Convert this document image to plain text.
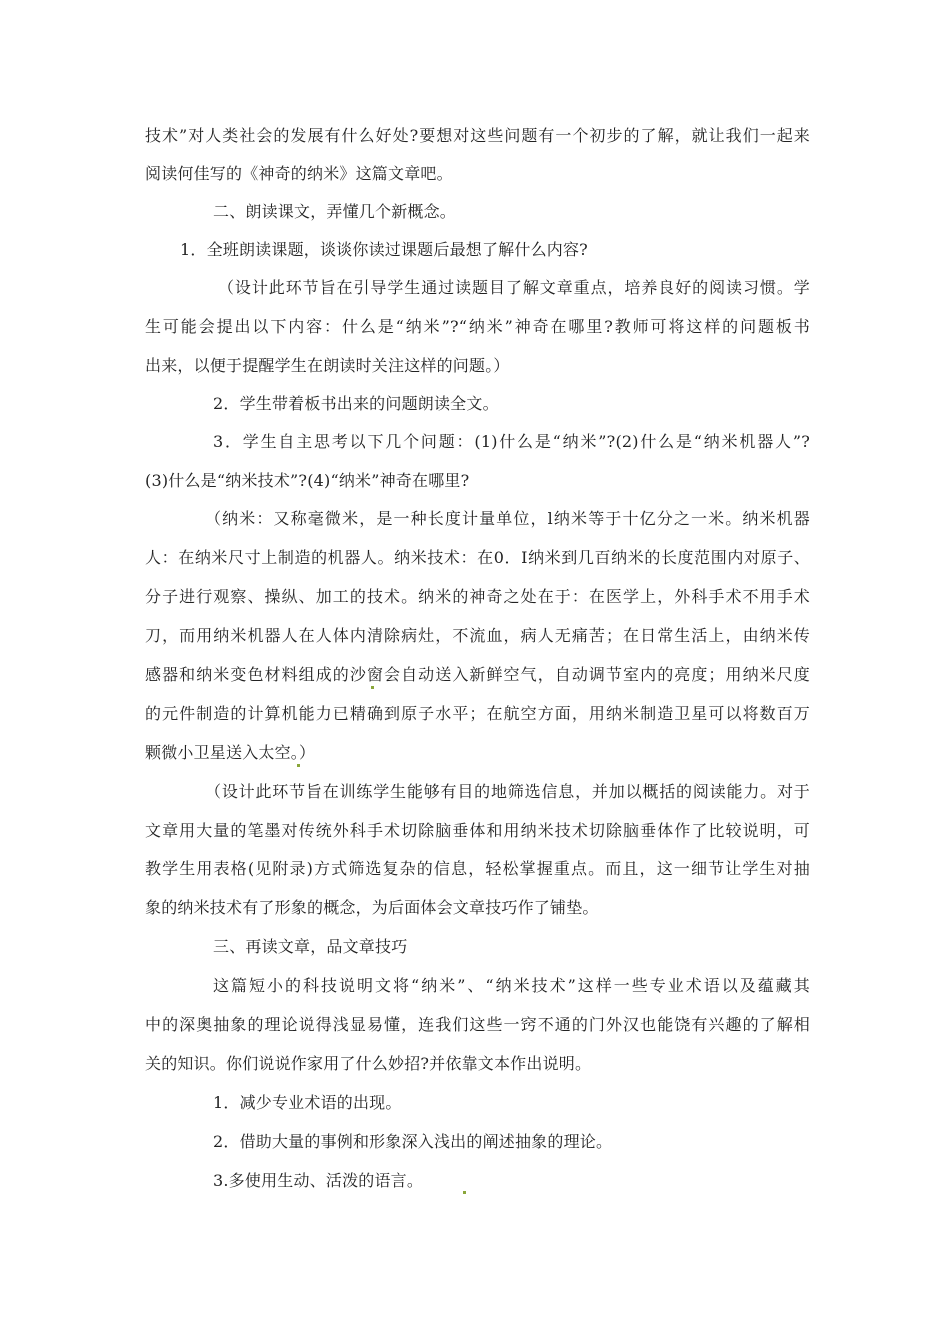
技术”对人类社会的发展有什么好处?要想对这些问题有一个初步的了解，就让我们一起来
阅读何佳写的《神奇的纳米》这篇文章吧。
二、朗读课文，弄懂几个新概念。
1．全班朗读课题，谈谈你读过课题后最想了解什么内容?
（设计此环节旨在引导学生通过读题目了解文章重点，培养良好的阅读习惯。学
生可能会提出以下内容：什么是“纳米”?“纳米”神奇在哪里?教师可将这样的问题板书
出来，以便于提醒学生在朗读时关注这样的问题。）
2．学生带着板书出来的问题朗读全文。
3．学生自主思考以下几个问题：(1)什么是“纳米”?(2)什么是“纳米机器人”?
(3)什么是“纳米技术”?(4)“纳米”神奇在哪里?
（纳米：又称毫微米，是一种长度计量单位，l纳米等于十亿分之一米。纳米机器
人：在纳米尺寸上制造的机器人。纳米技术：在0．I纳米到几百纳米的长度范围内对原子、
分子进行观察、操纵、加工的技术。纳米的神奇之处在于：在医学上，外科手术不用手术
刀，而用纳米机器人在人体内清除病灶，不流血，病人无痛苦；在日常生活上，由纳米传
感器和纳米变色材料组成的沙窗会自动送入新鲜空气，自动调节室内的亮度；用纳米尺度
的元件制造的计算机能力已精确到原子水平；在航空方面，用纳米制造卫星可以将数百万
颗微小卫星送入太空。）
（设计此环节旨在训练学生能够有目的地筛选信息，并加以概括的阅读能力。对于
文章用大量的笔墨对传统外科手术切除脑垂体和用纳米技术切除脑垂体作了比较说明，可
教学生用表格(见附录)方式筛选复杂的信息，轻松掌握重点。而且，这一细节让学生对抽
象的纳米技术有了形象的概念，为后面体会文章技巧作了铺垫。
三、再读文章，品文章技巧
这篇短小的科技说明文将“纳米”、“纳米技术”这样一些专业术语以及蕴藏其
中的深奥抽象的理论说得浅显易懂，连我们这些一窍不通的门外汉也能饶有兴趣的了解相
关的知识。你们说说作家用了什么妙招?并依靠文本作出说明。
1．减少专业术语的出现。
2．借助大量的事例和形象深入浅出的阐述抽象的理论。
3.多使用生动、活泼的语言。
